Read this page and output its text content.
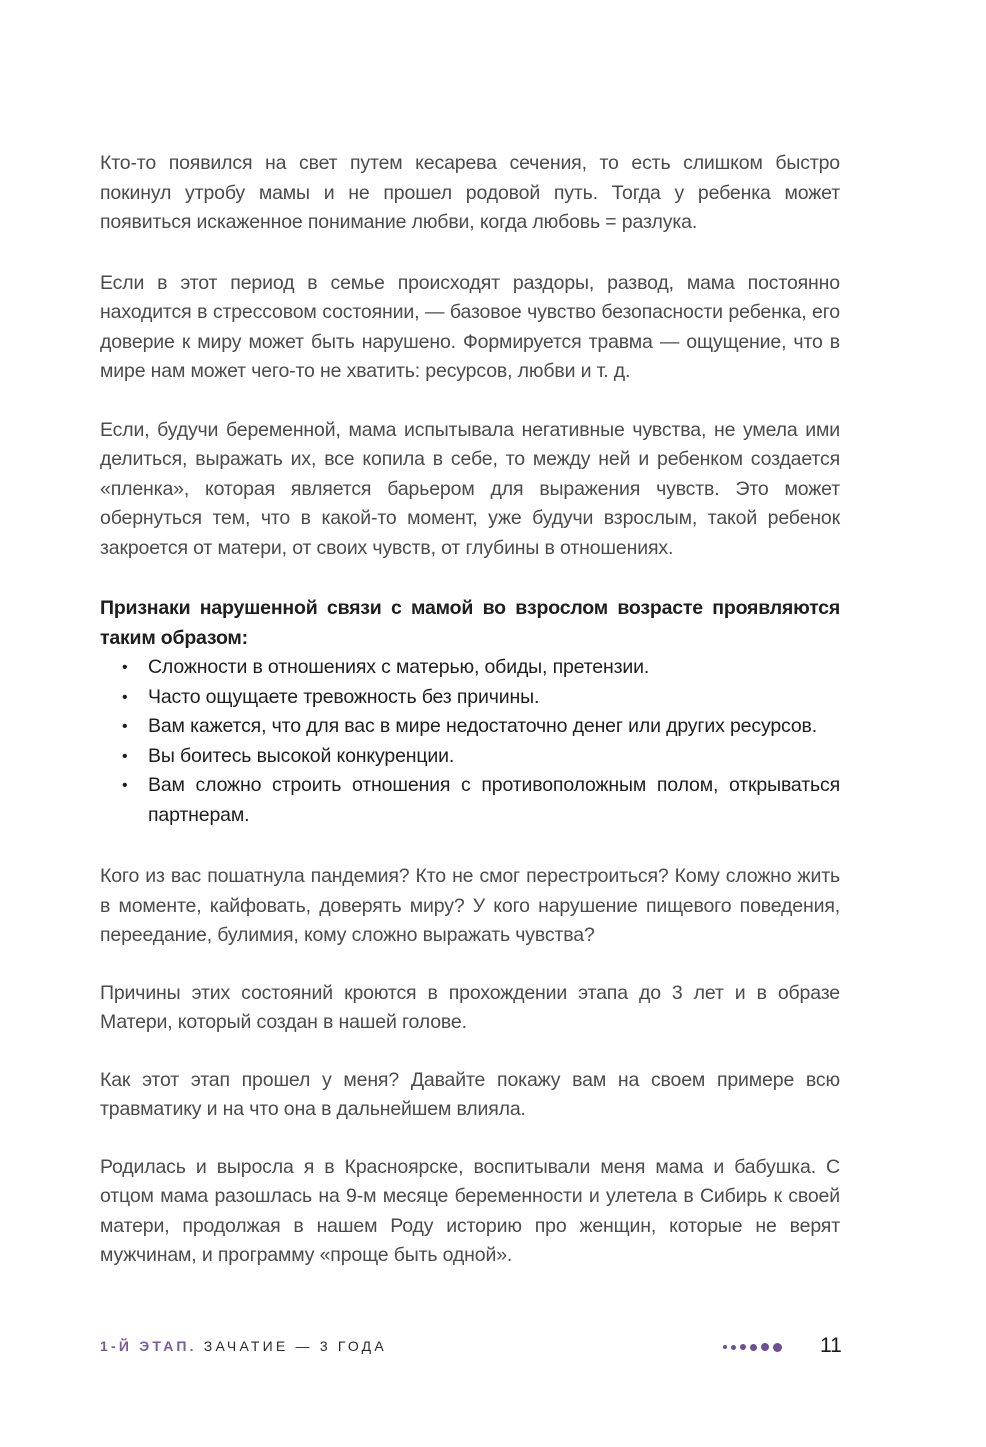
Кто-то появился на свет путем кесарева сечения, то есть слишком быстро покинул утробу мамы и не прошел родовой путь. Тогда у ребенка может появиться искаженное понимание любви, когда любовь = разлука.

Если в этот период в семье происходят раздоры, развод, мама постоянно находится в стрессовом состоянии, — базовое чувство безопасности ребенка, его доверие к миру может быть нарушено. Формируется травма — ощущение, что в мире нам может чего-то не хватить: ресурсов, любви и т. д.

Если, будучи беременной, мама испытывала негативные чувства, не умела ими делиться, выражать их, все копила в себе, то между ней и ребенком создается «пленка», которая является барьером для выражения чувств. Это может обернуться тем, что в какой-то момент, уже будучи взрослым, такой ребенок закроется от матери, от своих чувств, от глубины в отношениях.

Признаки нарушенной связи с мамой во взрослом возрасте проявляются таким образом:

• Сложности в отношениях с матерью, обиды, претензии.
• Часто ощущаете тревожность без причины.
• Вам кажется, что для вас в мире недостаточно денег или других ресурсов.
• Вы боитесь высокой конкуренции.
• Вам сложно строить отношения с противоположным полом, открываться партнерам.

Кого из вас пошатнула пандемия? Кто не смог перестроиться? Кому сложно жить в моменте, кайфовать, доверять миру? У кого нарушение пищевого поведения, переедание, булимия, кому сложно выражать чувства?

Причины этих состояний кроются в прохождении этапа до 3 лет и в образе Матери, который создан в нашей голове.

Как этот этап прошел у меня? Давайте покажу вам на своем примере всю травматику и на что она в дальнейшем влияла.

Родилась и выросла я в Красноярске, воспитывали меня мама и бабушка. С отцом мама разошлась на 9-м месяце беременности и улетела в Сибирь к своей матери, продолжая в нашем Роду историю про женщин, которые не верят мужчинам, и программу «проще быть одной».

1-Й ЭТАП. ЗАЧАТИЕ — 3 ГОДА	11
